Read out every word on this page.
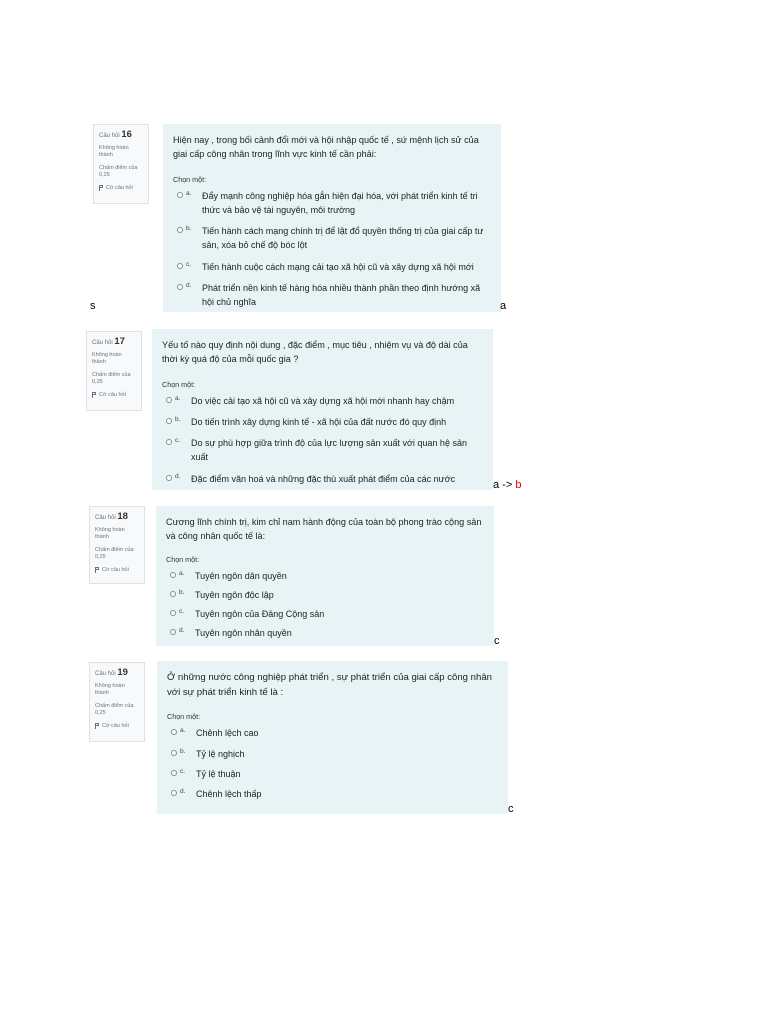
Câu hỏi 16
Không hoàn thành
Chấm điểm của 0,25
Cờ câu hỏi

Hiện nay , trong bối cảnh đổi mới và hội nhập quốc tế , sứ mệnh lịch sử của giai cấp công nhân trong lĩnh vực kinh tế cần phải:

Chọn một:
a.	Đẩy mạnh công nghiệp hóa gắn hiện đại hóa, với phát triển kinh tế tri thức và bảo vệ tài nguyên, môi trường
b.	Tiến hành cách mạng chính trị để lật đổ quyền thống trị của giai cấp tư sản, xóa bỏ chế độ bóc lột
c.	Tiến hành cuộc cách mạng cải tạo xã hội cũ và xây dựng xã hội mới
d.	Phát triển nền kinh tế hàng hóa nhiều thành phần theo định hướng xã hội chủ nghĩa
s	a
Câu hỏi 17
Không hoàn thành
Chấm điểm của 0,25
Cờ câu hỏi

Yếu tố nào quy định nội dung , đặc điểm , mục tiêu , nhiệm vụ và độ dài của thời kỳ quá độ của mỗi quốc gia ?

Chọn một:
a.	Do việc cải tạo xã hội cũ và xây dựng xã hội mới nhanh hay chậm
b.	Do tiến trình xây dựng kinh tế - xã hội của đất nước đó quy định
c.	Do sự phù hợp giữa trình độ của lực lượng sản xuất với quan hệ sản xuất
d.	Đặc điểm văn hoá và những đặc thù xuất phát điểm của các nước
a -> b
Câu hỏi 18
Không hoàn thành
Chấm điểm của 0,25
Cờ câu hỏi

Cương lĩnh chính trị, kim chỉ nam hành động của toàn bộ phong trào cộng sản và công nhân quốc tế là:

Chọn một:
a.	Tuyên ngôn dân quyền
b.	Tuyên ngôn độc lập
c.	Tuyên ngôn của Đảng Cộng sản
d.	Tuyên ngôn nhân quyền
c
Câu hỏi 19
Không hoàn thành
Chấm điểm của 0,25
Cờ câu hỏi

Ở những nước công nghiệp phát triển , sự phát triển của giai cấp công nhân với sự phát triển kinh tế là :

Chọn một:
a.	Chênh lệch cao
b.	Tỷ lệ nghịch
c.	Tỷ lệ thuận
d.	Chênh lệch thấp
c
